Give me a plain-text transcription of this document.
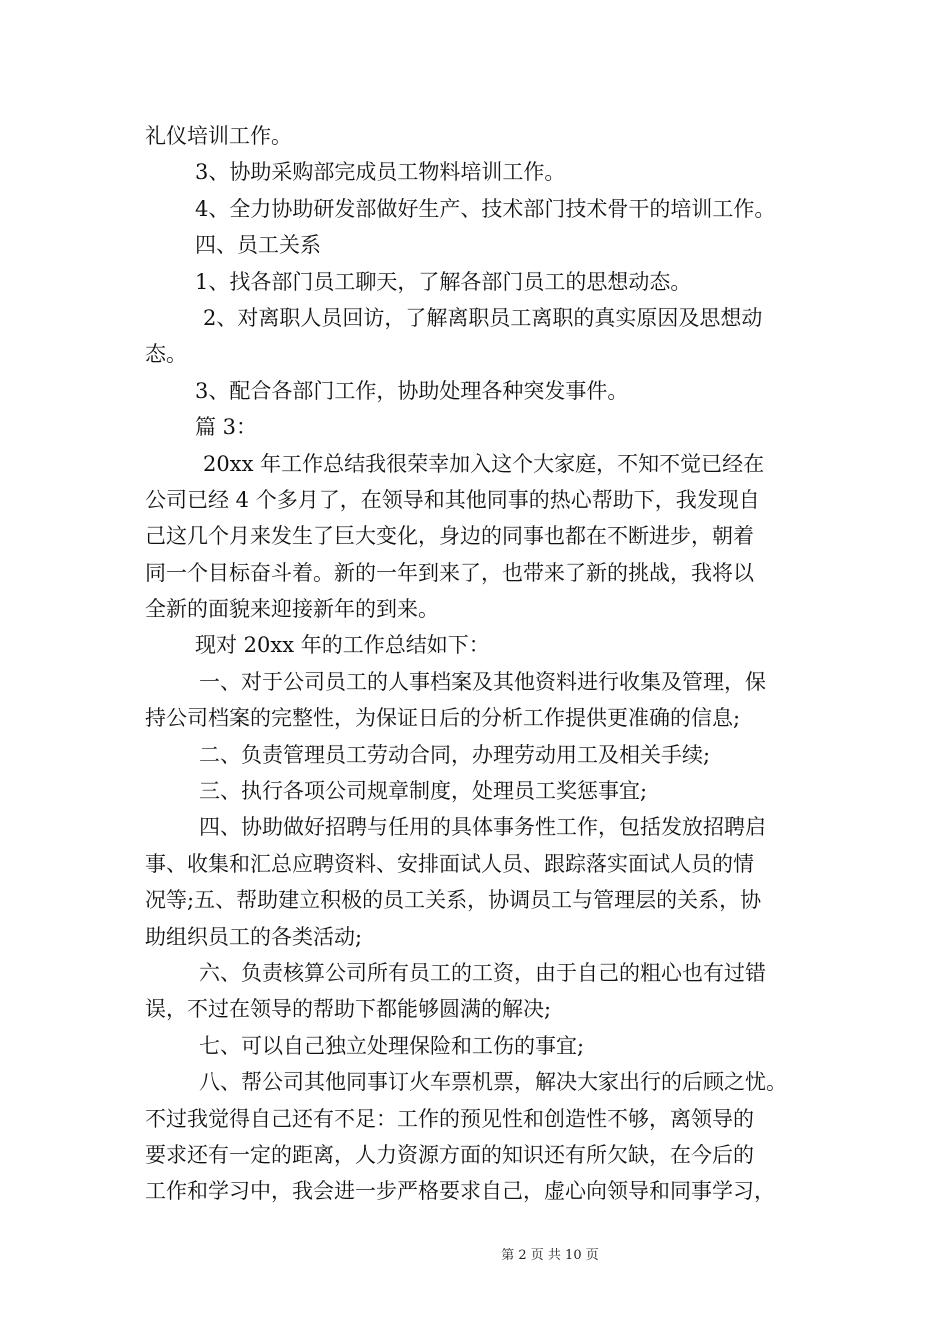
礼仪培训工作。
3、协助采购部完成员工物料培训工作。
4、全力协助研发部做好生产、技术部门技术骨干的培训工作。
四、员工关系
1、找各部门员工聊天，了解各部门员工的思想动态。
2、对离职人员回访，了解离职员工离职的真实原因及思想动
态。
3、配合各部门工作，协助处理各种突发事件。
篇 3：
20xx 年工作总结我很荣幸加入这个大家庭，不知不觉已经在
公司已经 4 个多月了，在领导和其他同事的热心帮助下，我发现自
己这几个月来发生了巨大变化，身边的同事也都在不断进步，朝着
同一个目标奋斗着。新的一年到来了，也带来了新的挑战，我将以
全新的面貌来迎接新年的到来。
现对 20xx 年的工作总结如下：
一、对于公司员工的人事档案及其他资料进行收集及管理，保
持公司档案的完整性，为保证日后的分析工作提供更准确的信息;
二、负责管理员工劳动合同，办理劳动用工及相关手续;
三、执行各项公司规章制度，处理员工奖惩事宜;
四、协助做好招聘与任用的具体事务性工作，包括发放招聘启
事、收集和汇总应聘资料、安排面试人员、跟踪落实面试人员的情
况等;五、帮助建立积极的员工关系，协调员工与管理层的关系，协
助组织员工的各类活动;
六、负责核算公司所有员工的工资，由于自己的粗心也有过错
误，不过在领导的帮助下都能够圆满的解决;
七、可以自己独立处理保险和工伤的事宜;
八、帮公司其他同事订火车票机票，解决大家出行的后顾之忧。
不过我觉得自己还有不足：工作的预见性和创造性不够，离领导的
要求还有一定的距离，人力资源方面的知识还有所欠缺，在今后的
工作和学习中，我会进一步严格要求自己，虚心向领导和同事学习，
第 2 页 共 10 页
